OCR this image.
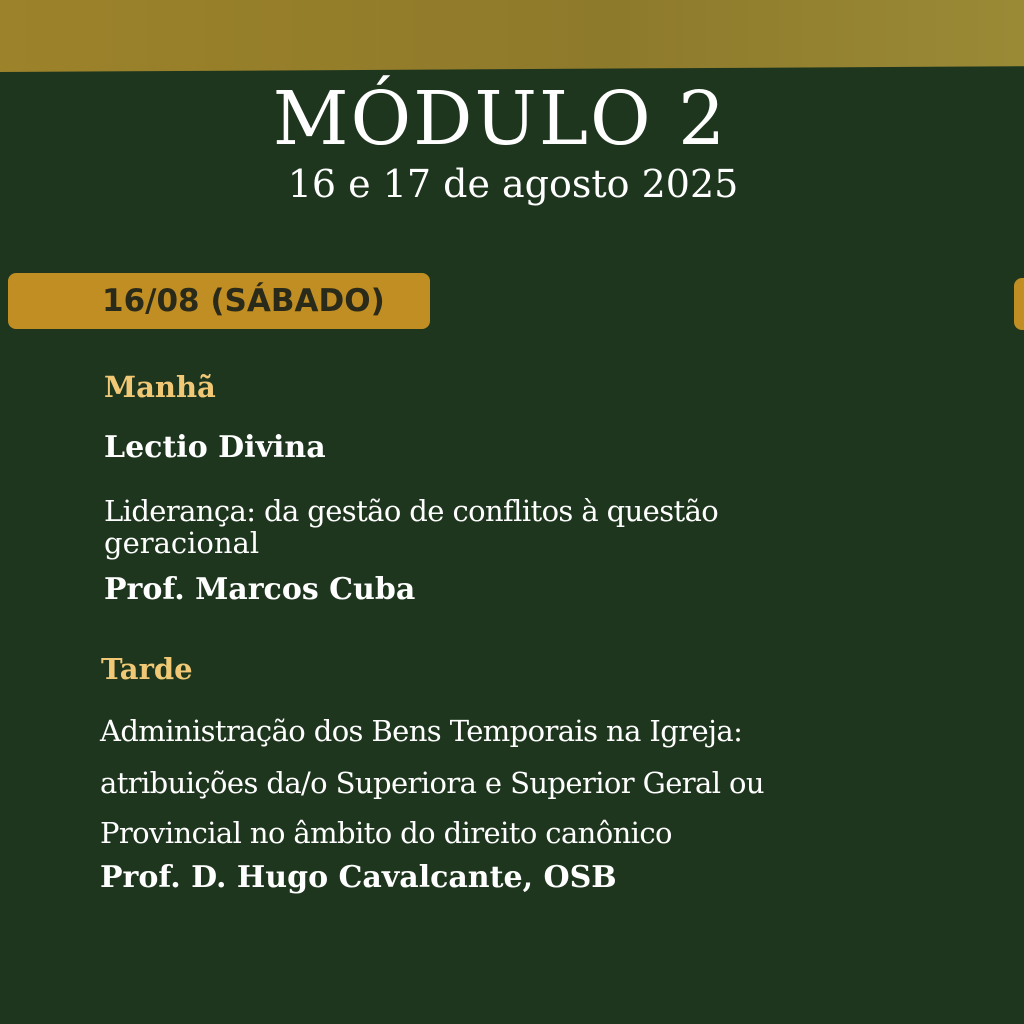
MÓDULO 2
16 e 17 de agosto 2025
16/08 (SÁBADO)
Manhã
Lectio Divina
Liderança: da gestão de conflitos à questão
geracional
Prof. Marcos Cuba
Tarde
Administração dos Bens Temporais na Igreja:
atribuições da/o Superiora e Superior Geral ou
Provincial no âmbito do direito canônico
Prof. D. Hugo Cavalcante, OSB
